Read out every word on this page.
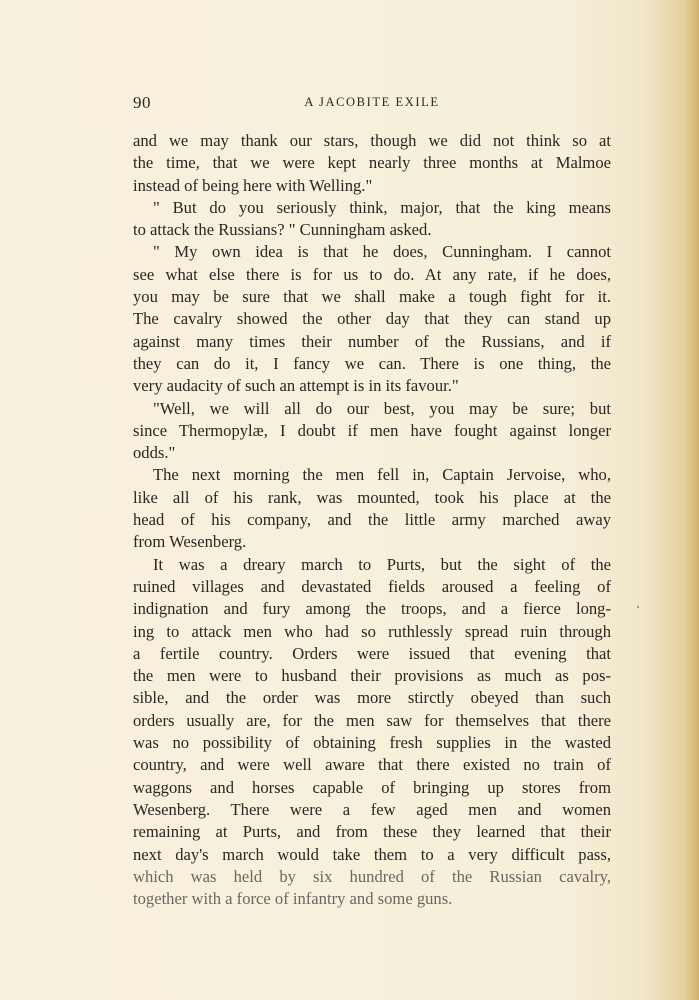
90	A JACOBITE EXILE
and we may thank our stars, though we did not think so at
the time, that we were kept nearly three months at Malmoe
instead of being here with Welling."
" But do you seriously think, major, that the king means
to attack the Russians? " Cunningham asked.
" My own idea is that he does, Cunningham. I cannot
see what else there is for us to do. At any rate, if he does,
you may be sure that we shall make a tough fight for it.
The cavalry showed the other day that they can stand up
against many times their number of the Russians, and if
they can do it, I fancy we can. There is one thing, the
very audacity of such an attempt is in its favour."
"Well, we will all do our best, you may be sure; but
since Thermopylæ, I doubt if men have fought against longer
odds."
The next morning the men fell in, Captain Jervoise, who,
like all of his rank, was mounted, took his place at the
head of his company, and the little army marched away
from Wesenberg.
It was a dreary march to Purts, but the sight of the
ruined villages and devastated fields aroused a feeling of
indignation and fury among the troops, and a fierce long-
ing to attack men who had so ruthlessly spread ruin through
a fertile country. Orders were issued that evening that
the men were to husband their provisions as much as pos-
sible, and the order was more stirctly obeyed than such
orders usually are, for the men saw for themselves that there
was no possibility of obtaining fresh supplies in the wasted
country, and were well aware that there existed no train of
waggons and horses capable of bringing up stores from
Wesenberg. There were a few aged men and women
remaining at Purts, and from these they learned that their
next day's march would take them to a very difficult pass,
which was held by six hundred of the Russian cavalry,
together with a force of infantry and some guns.
